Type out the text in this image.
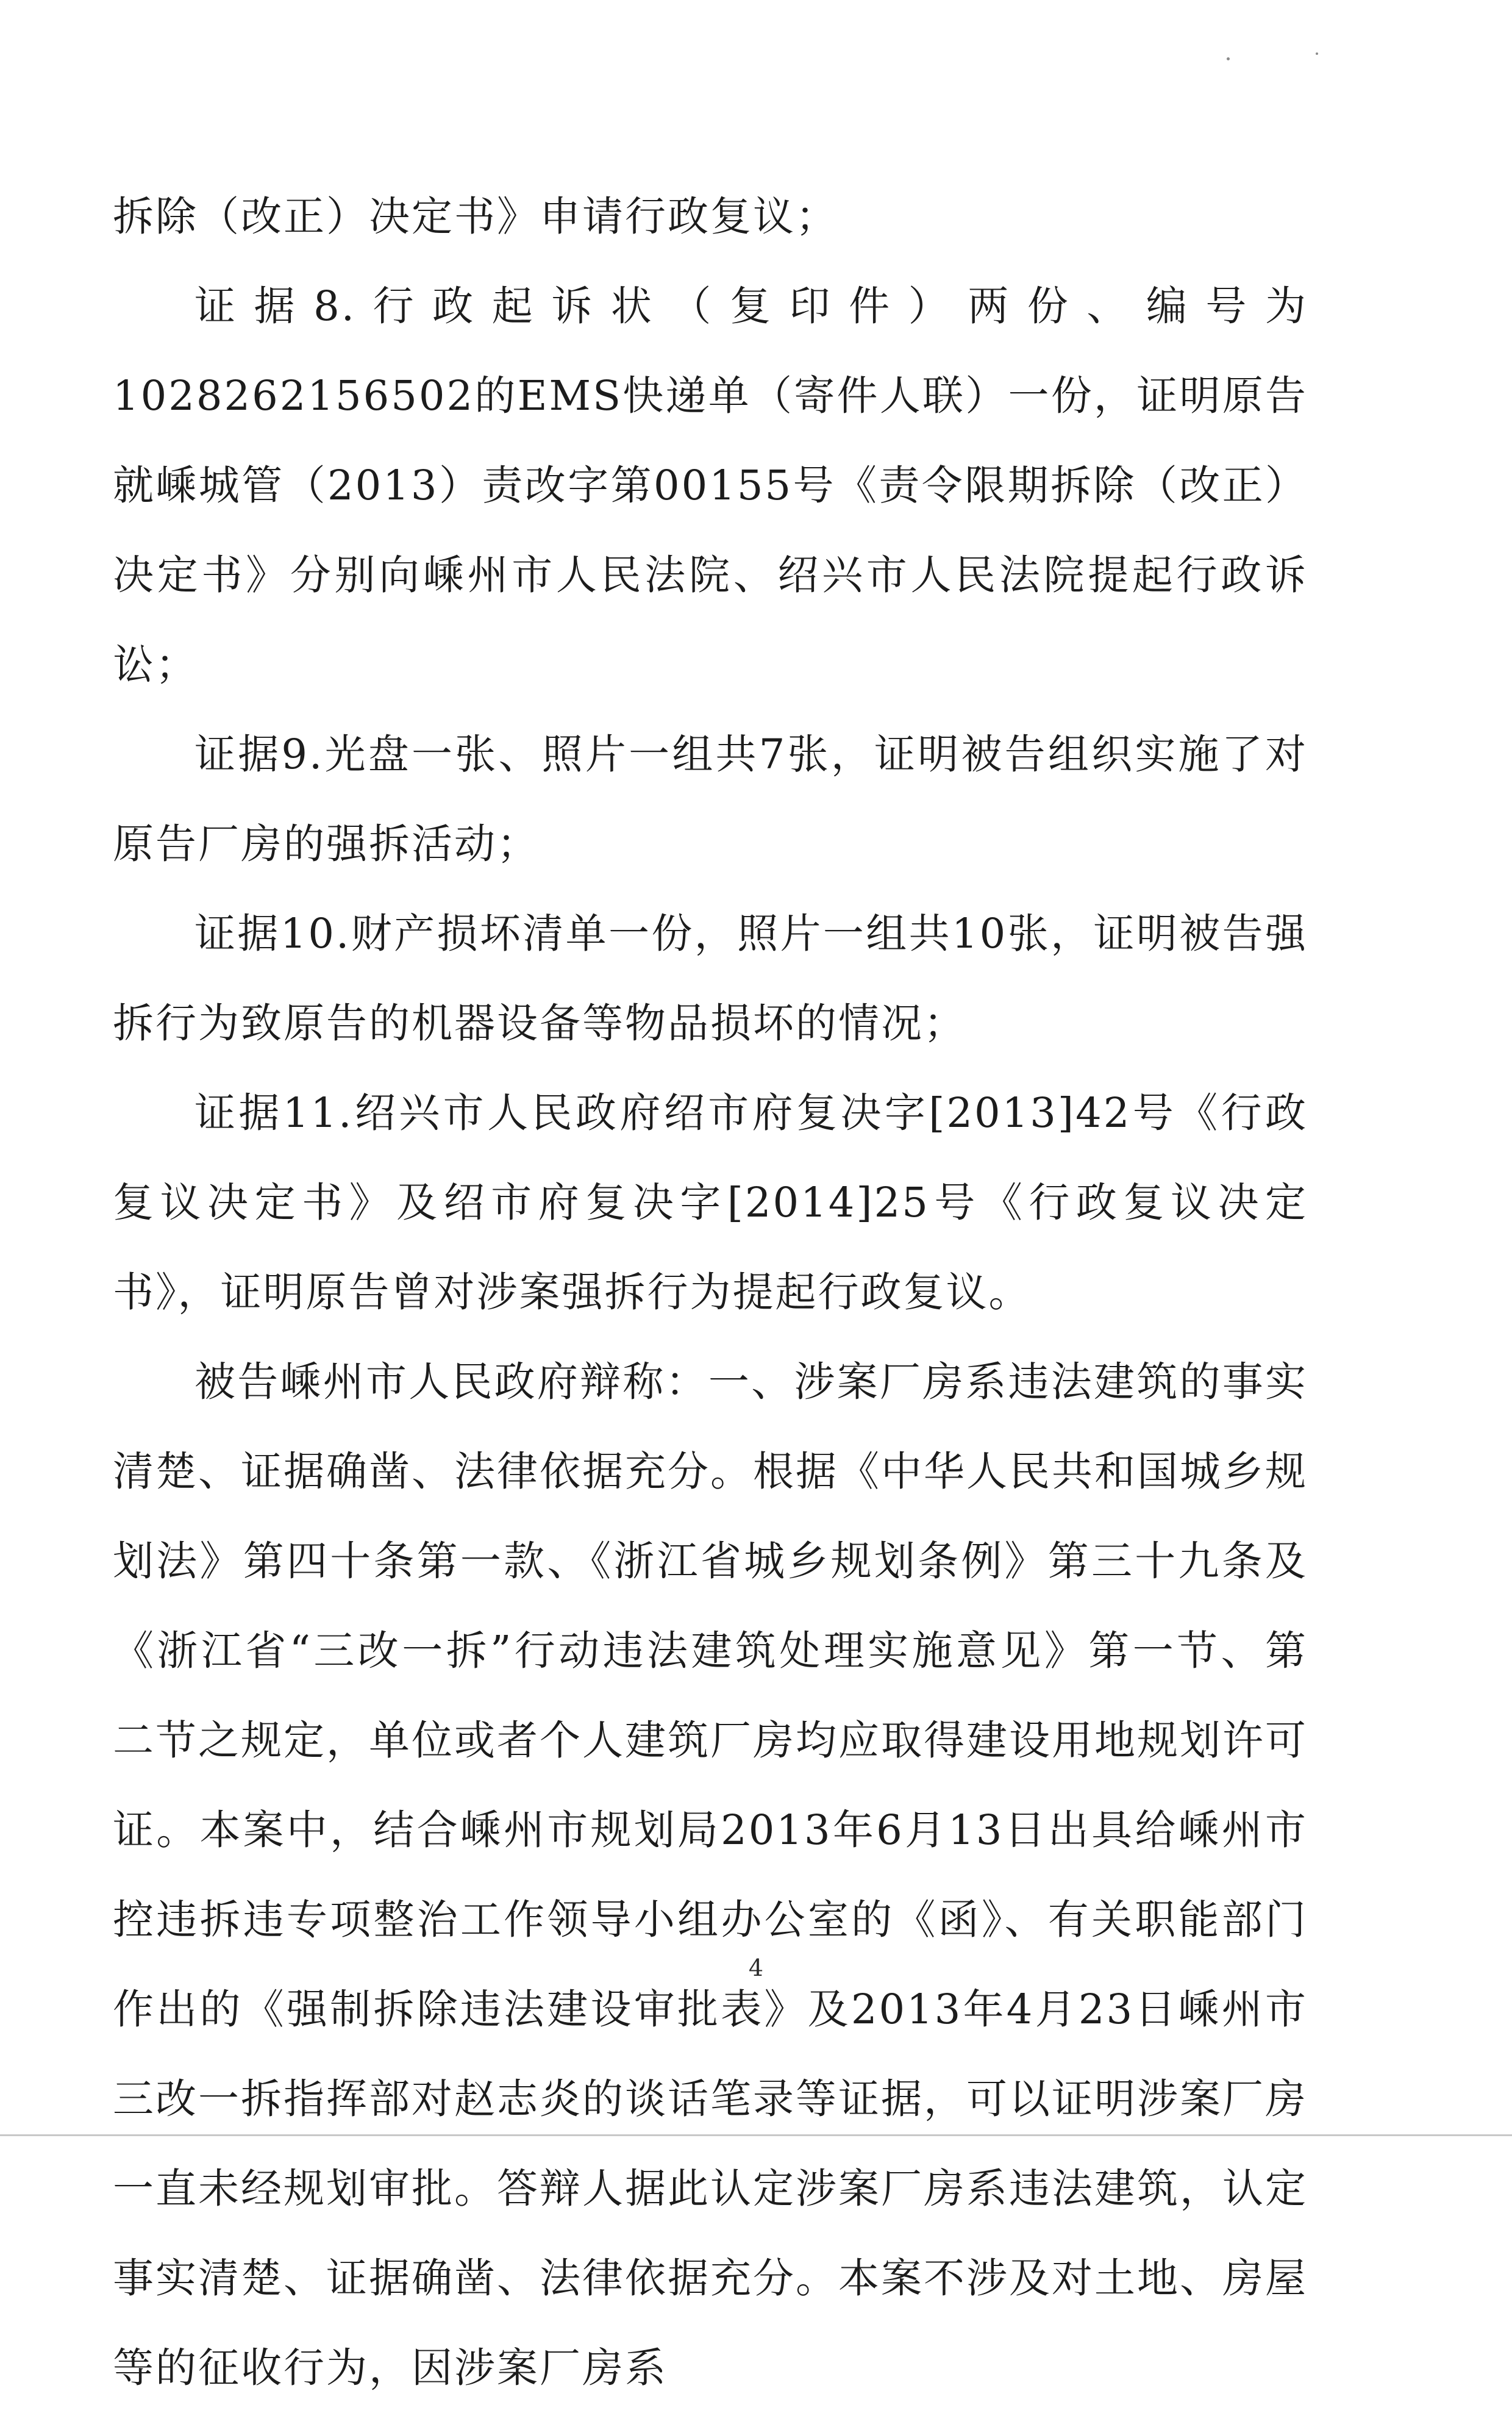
拆除（改正）决定书》申请行政复议；

证据8.行政起诉状（复印件）两份、编号为1028262156502的EMS快递单（寄件人联）一份，证明原告就嵊城管（2013）责改字第00155号《责令限期拆除（改正）决定书》分别向嵊州市人民法院、绍兴市人民法院提起行政诉讼；

证据9.光盘一张、照片一组共7张，证明被告组织实施了对原告厂房的强拆活动；

证据10.财产损坏清单一份，照片一组共10张，证明被告强拆行为致原告的机器设备等物品损坏的情况；

证据11.绍兴市人民政府绍市府复决字[2013]42号《行政复议决定书》及绍市府复决字[2014]25号《行政复议决定书》，证明原告曾对涉案强拆行为提起行政复议。

被告嵊州市人民政府辩称：一、涉案厂房系违法建筑的事实清楚、证据确凿、法律依据充分。根据《中华人民共和国城乡规划法》第四十条第一款、《浙江省城乡规划条例》第三十九条及《浙江省“三改一拆”行动违法建筑处理实施意见》第一节、第二节之规定，单位或者个人建筑厂房均应取得建设用地规划许可证。本案中，结合嵊州市规划局2013年6月13日出具给嵊州市控违拆违专项整治工作领导小组办公室的《函》、有关职能部门作出的《强制拆除违法建设审批表》及2013年4月23日嵊州市三改一拆指挥部对赵志炎的谈话笔录等证据，可以证明涉案厂房一直未经规划审批。答辩人据此认定涉案厂房系违法建筑，认定事实清楚、证据确凿、法律依据充分。本案不涉及对土地、房屋等的征收行为，因涉案厂房系

4
